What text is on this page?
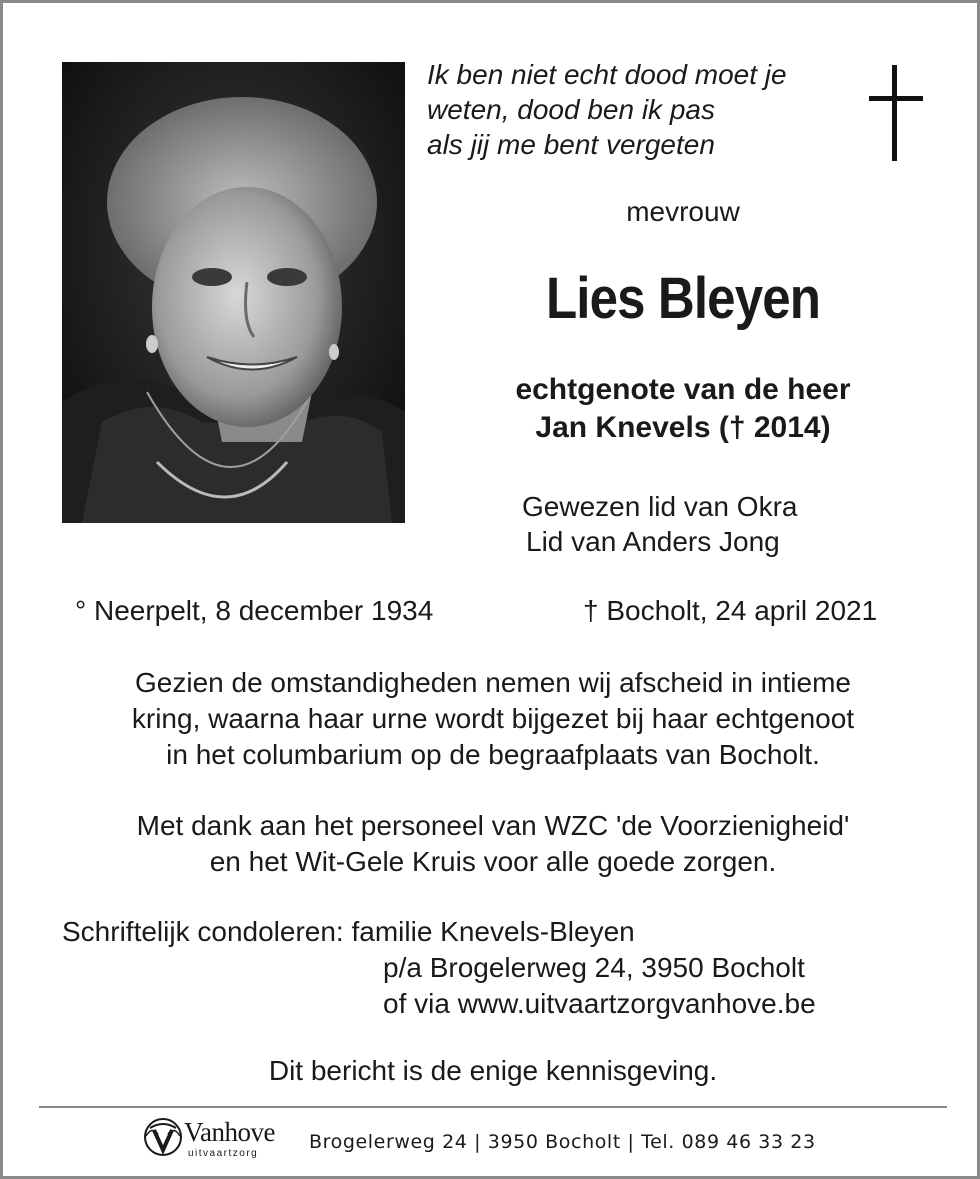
Ik ben niet echt dood moet je
weten, dood ben ik pas
als jij me bent vergeten
mevrouw
Lies Bleyen
echtgenote van de heer
Jan Knevels († 2014)
Gewezen lid van Okra
Lid van Anders Jong
° Neerpelt, 8 december 1934	† Bocholt, 24 april 2021
Gezien de omstandigheden nemen wij afscheid in intieme
kring, waarna haar urne wordt bijgezet bij haar echtgenoot
in het columbarium op de begraafplaats van Bocholt.
Met dank aan het personeel van WZC 'de Voorzienigheid'
en het Wit-Gele Kruis voor alle goede zorgen.
Schriftelijk condoleren: familie Knevels-Bleyen
p/a Brogelerweg 24, 3950 Bocholt
of via www.uitvaartzorgvanhove.be
Dit bericht is de enige kennisgeving.
Vanhove
uitvaartzorg
Brogelerweg 24 | 3950 Bocholt | Tel. 089 46 33 23
